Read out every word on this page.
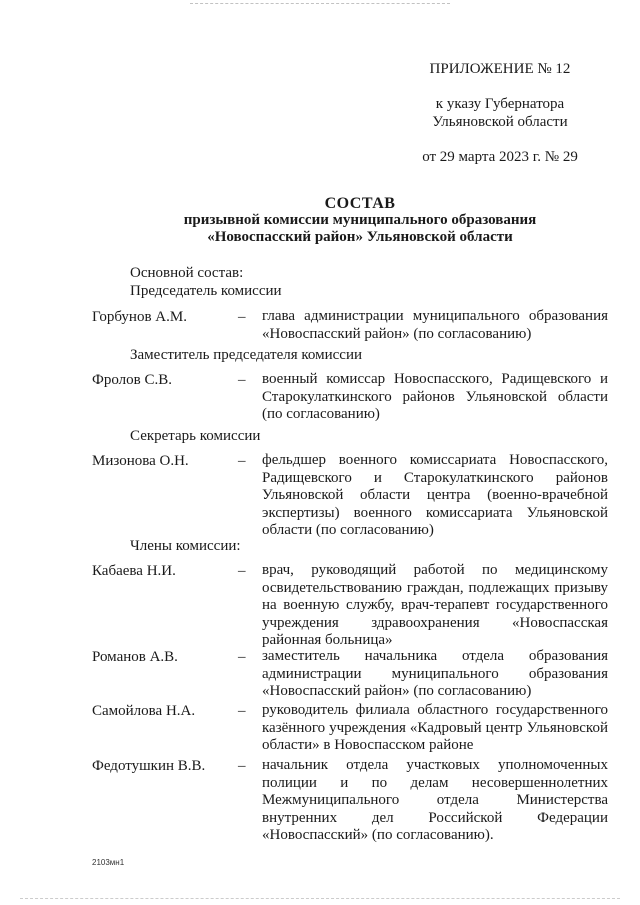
ПРИЛОЖЕНИЕ № 12
к указу Губернатора
Ульяновской области
от 29 марта 2023 г. № 29
СОСТАВ
призывной комиссии муниципального образования
«Новоспасский район» Ульяновской области
Основной состав:
Председатель комиссии
Горбунов А.М.	– глава администрации муниципального образования «Новоспасский район» (по согласованию)
Заместитель председателя комиссии
Фролов С.В.	– военный комиссар Новоспасского, Радищевского и Старокулаткинского районов Ульяновской области (по согласованию)
Секретарь комиссии
Мизонова О.Н.	– фельдшер военного комиссариата Новоспасского, Радищевского и Старокулаткинского районов Ульяновской области центра (военно-врачебной экспертизы) военного комиссариата Ульяновской области (по согласованию)
Члены комиссии:
Кабаева Н.И.	– врач, руководящий работой по медицинскому освидетельствованию граждан, подлежащих призыву на военную службу, врач-терапевт государственного учреждения здравоохранения «Новоспасская районная больница»
Романов А.В.	– заместитель начальника отдела образования администрации муниципального образования «Новоспасский район» (по согласованию)
Самойлова Н.А.	– руководитель филиала областного государственного казённого учреждения «Кадровый центр Ульяновской области» в Новоспасском районе
Федотушкин В.В. – начальник отдела участковых уполномоченных полиции и по делам несовершеннолетних Межмуниципального отдела Министерства внутренних дел Российской Федерации «Новоспасский» (по согласованию).
2103мн1
